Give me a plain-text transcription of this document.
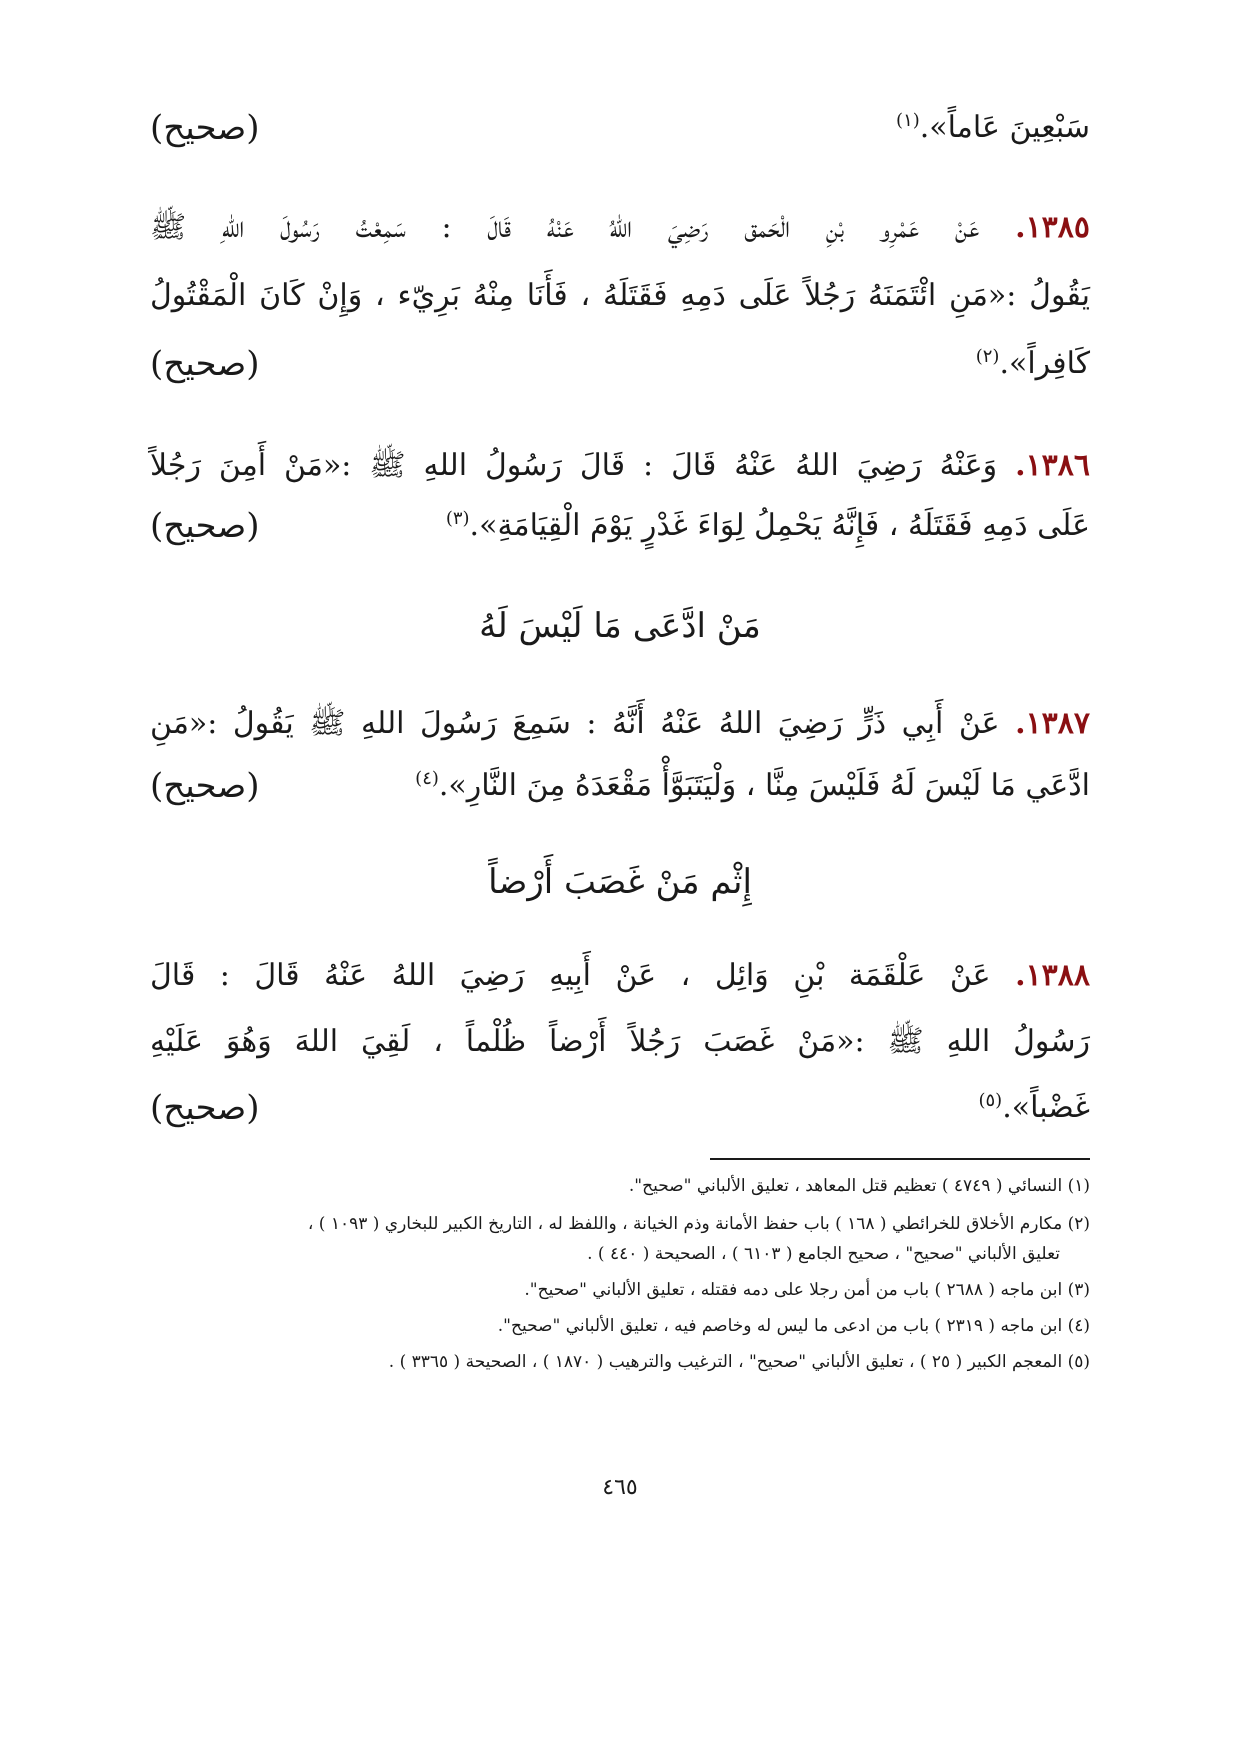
سَبْعِينَ عَاماً».$^{(١)}$
(صحيح)
١٣٨٥. عَنْ عَمْرِو بْنِ الْحَمق رَضِيَ اللهُ عَنْهُ قَالَ : سَمِعْتُ رَسُولَ اللهِ ﷺ
يَقُولُ :«مَنِ ائْتَمَنَهُ رَجُلاً عَلَى دَمِهِ فَقَتَلَهُ ، فَأَنَا مِنْهُ بَرِيّء ، وَإِنْ كَانَ الْمَقْتُولُ
كَافِراً».$^{(٢)}$
(صحيح)
١٣٨٦. وَعَنْهُ رَضِيَ اللهُ عَنْهُ قَالَ : قَالَ رَسُولُ اللهِ ﷺ :«مَنْ أَمِنَ رَجُلاً
عَلَى دَمِهِ فَقَتَلَهُ ، فَإِنَّهُ يَحْمِلُ لِوَاءَ غَدْرٍ يَوْمَ الْقِيَامَةِ».$^{(٣)}$
(صحيح)
مَنْ ادَّعَى مَا لَيْسَ لَهُ
١٣٨٧. عَنْ أَبِي ذَرٍّ رَضِيَ اللهُ عَنْهُ أَنَّهُ : سَمِعَ رَسُولَ اللهِ ﷺ يَقُولُ :«مَنِ
ادَّعَي مَا لَيْسَ لَهُ فَلَيْسَ مِنَّا ، وَلْيَتَبَوَّأْ مَقْعَدَهُ مِنَ النَّارِ».$^{(٤)}$
(صحيح)
إِثْم مَنْ غَصَبَ أَرْضاً
١٣٨٨. عَنْ عَلْقَمَة بْنِ وَائِل ، عَنْ أَبِيهِ رَضِيَ اللهُ عَنْهُ قَالَ : قَالَ
رَسُولُ اللهِ ﷺ :«مَنْ غَصَبَ رَجُلاً أَرْضاً ظُلْماً ، لَقِيَ اللهَ وَهُوَ عَلَيْهِ
غَضْباً».$^{(٥)}$
(صحيح)
(١) النسائي ( ٤٧٤٩ ) تعظيم قتل المعاهد ، تعليق الألباني "صحيح".
(٢) مكارم الأخلاق للخرائطي ( ١٦٨ ) باب حفظ الأمانة وذم الخيانة ، واللفظ له ، التاريخ الكبير للبخاري ( ١٠٩٣ ) ،
تعليق الألباني "صحيح" ، صحيح الجامع ( ٦١٠٣ ) ، الصحيحة ( ٤٤٠ ) .
(٣) ابن ماجه ( ٢٦٨٨ ) باب من أمن رجلا على دمه فقتله ، تعليق الألباني "صحيح".
(٤) ابن ماجه ( ٢٣١٩ ) باب من ادعى ما ليس له وخاصم فيه ، تعليق الألباني "صحيح".
(٥) المعجم الكبير ( ٢٥ ) ، تعليق الألباني "صحيح" ، الترغيب والترهيب ( ١٨٧٠ ) ، الصحيحة ( ٣٣٦٥ ) .
٤٦٥
